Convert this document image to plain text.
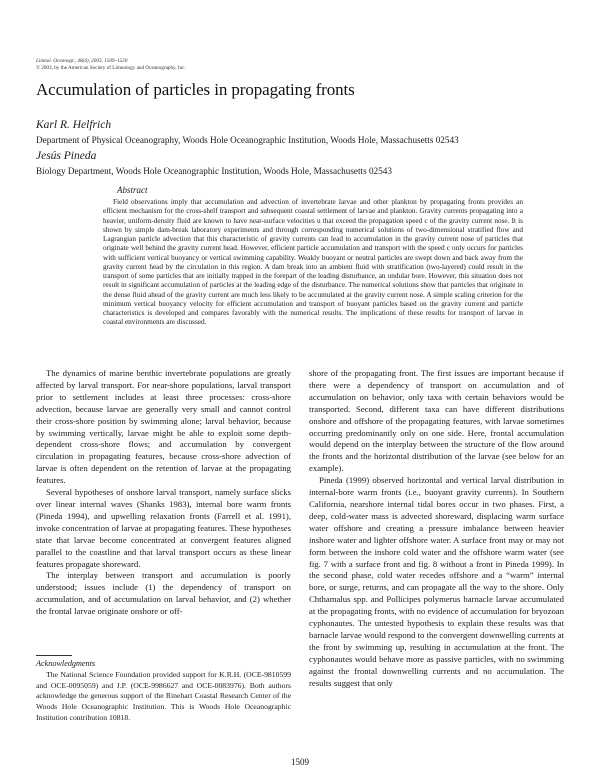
Limnol. Oceanogr., 48(4), 2003, 1509–1520
© 2003, by the American Society of Limnology and Oceanography, Inc.
Accumulation of particles in propagating fronts
Karl R. Helfrich
Department of Physical Oceanography, Woods Hole Oceanographic Institution, Woods Hole, Massachusetts 02543
Jesús Pineda
Biology Department, Woods Hole Oceanographic Institution, Woods Hole, Massachusetts 02543
Abstract

Field observations imply that accumulation and advection of invertebrate larvae and other plankton by propagating fronts provides an efficient mechanism for the cross-shelf transport and subsequent coastal settlement of larvae and plankton. Gravity currents propagating into a heavier, uniform-density fluid are known to have near-surface velocities u that exceed the propagation speed c of the gravity current nose. It is shown by simple dam-break laboratory experiments and through corresponding numerical solutions of two-dimensional stratified flow and Lagrangian particle advection that this characteristic of gravity currents can lead to accumulation in the gravity current nose of particles that originate well behind the gravity current head. However, efficient particle accumulation and transport with the speed c only occurs for particles with sufficient vertical buoyancy or vertical swimming capability. Weakly buoyant or neutral particles are swept down and back away from the gravity current head by the circulation in this region. A dam break into an ambient fluid with stratification (two-layered) could result in the transport of some particles that are initially trapped in the forepart of the leading disturbance, an undular bore. However, this situation does not result in significant accumulation of particles at the leading edge of the disturbance. The numerical solutions show that particles that originate in the dense fluid ahead of the gravity current are much less likely to be accumulated at the gravity current nose. A simple scaling criterion for the minimum vertical buoyancy velocity for efficient accumulation and transport of buoyant particles based on the gravity current and particle characteristics is developed and compares favorably with the numerical results. The implications of these results for transport of larvae in coastal environments are discussed.

The dynamics of marine benthic invertebrate populations are greatly affected by larval transport. For near-shore populations, larval transport prior to settlement includes at least three processes: cross-shore advection, because larvae are generally very small and cannot control their cross-shore position by swimming alone; larval behavior, because by swimming vertically, larvae might be able to exploit some depth-dependent cross-shore flows; and accumulation by convergent circulation in propagating features, because cross-shore advection of larvae is often dependent on the retention of larvae at the propagating features.

Several hypotheses of onshore larval transport, namely surface slicks over linear internal waves (Shanks 1983), internal bore warm fronts (Pineda 1994), and upwelling relaxation fronts (Farrell et al. 1991), invoke concentration of larvae at propagating features. These hypotheses state that larvae become concentrated at convergent features aligned parallel to the coastline and that larval transport occurs as these linear features propagate shoreward.

The interplay between transport and accumulation is poorly understood; issues include (1) the dependency of transport on accumulation, and of accumulation on larval behavior, and (2) whether the frontal larvae originate onshore or off-

shore of the propagating front. The first issues are important because if there were a dependency of transport on accumulation and of accumulation on behavior, only taxa with certain behaviors would be transported. Second, different taxa can have different distributions onshore and offshore of the propagating features, with larvae sometimes occurring predominantly only on one side. Here, frontal accumulation would depend on the interplay between the structure of the flow around the fronts and the horizontal distribution of the larvae (see below for an example).

Pineda (1999) observed horizontal and vertical larval distribution in internal-bore warm fronts (i.e., buoyant gravity currents). In Southern California, nearshore internal tidal bores occur in two phases. First, a deep, cold-water mass is advected shoreward, displacing warm surface water offshore and creating a pressure imbalance between heavier inshore water and lighter offshore water. A surface front may or may not form between the inshore cold water and the offshore warm water (see fig. 7 with a surface front and fig. 8 without a front in Pineda 1999). In the second phase, cold water recedes offshore and a “warm” internal bore, or surge, returns, and can propagate all the way to the shore. Only Chthamalus spp. and Pollicipes polymerus barnacle larvae accumulated at the propagating fronts, with no evidence of accumulation for bryozoan cyphonautes. The untested hypothesis to explain these results was that barnacle larvae would respond to the convergent downwelling currents at the front by swimming up, resulting in accumulation at the front. The cyphonautes would behave more as passive particles, with no swimming against the frontal downwelling currents and no accumulation. The results suggest that only

Acknowledgments

The National Science Foundation provided support for K.R.H. (OCE-9810599 and OCE-0095059) and J.P. (OCE-9986627 and OCE-0083976). Both authors acknowledge the generous support of the Rinehart Coastal Research Center of the Woods Hole Oceanographic Institution. This is Woods Hole Oceanographic Institution contribution 10818.

1509
